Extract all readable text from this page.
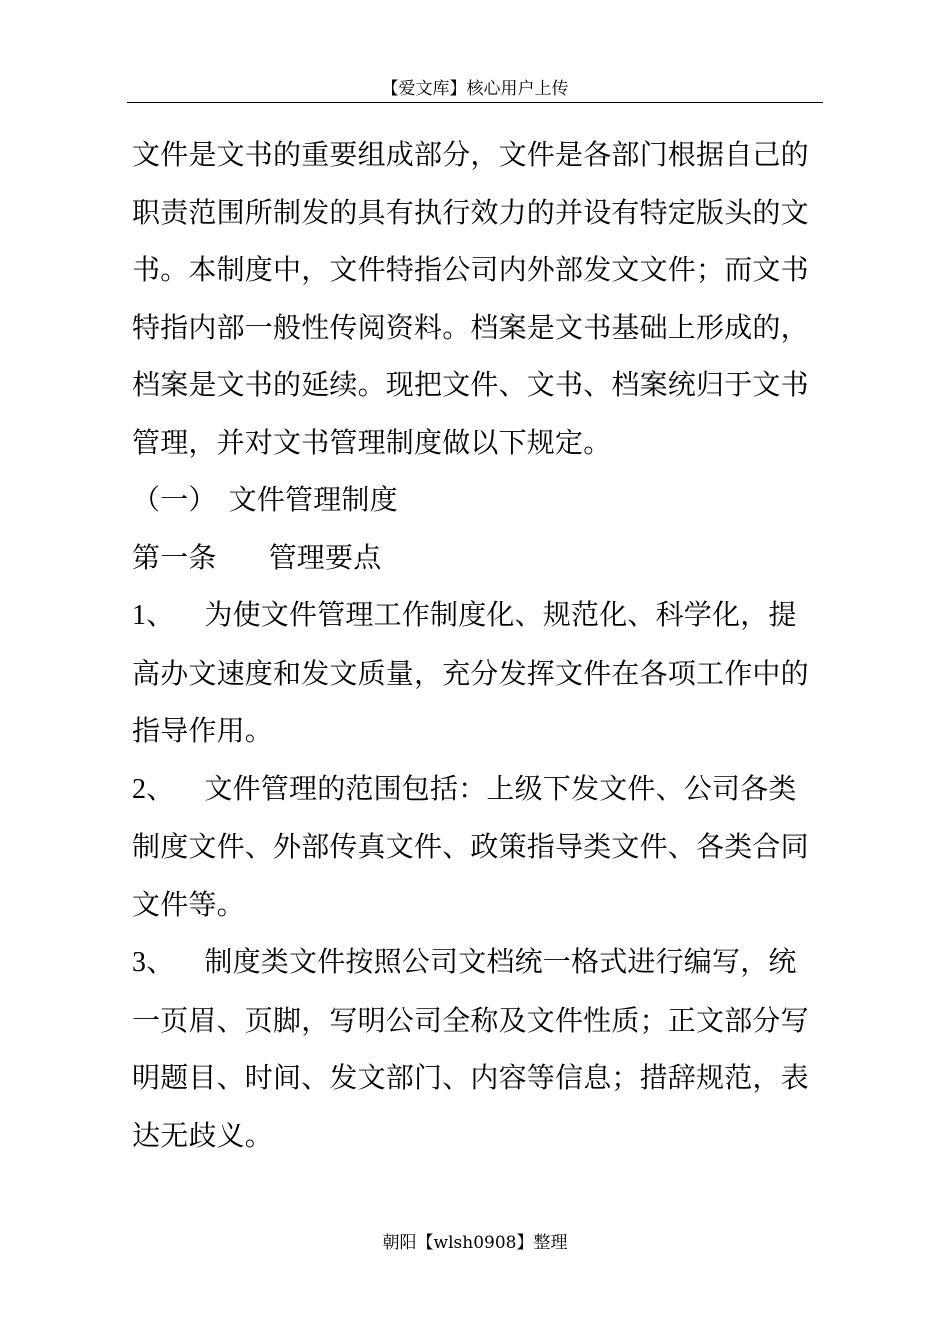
【爱文库】核心用户上传

文件是文书的重要组成部分，文件是各部门根据自己的职责范围所制发的具有执行效力的并设有特定版头的文书。本制度中，文件特指公司内外部发文文件；而文书特指内部一般性传阅资料。档案是文书基础上形成的，档案是文书的延续。现把文件、文书、档案统归于文书管理，并对文书管理制度做以下规定。

（一） 文件管理制度

第一条 管理要点

1、 为使文件管理工作制度化、规范化、科学化，提高办文速度和发文质量，充分发挥文件在各项工作中的指导作用。

2、 文件管理的范围包括：上级下发文件、公司各类制度文件、外部传真文件、政策指导类文件、各类合同文件等。

3、 制度类文件按照公司文档统一格式进行编写，统一页眉、页脚，写明公司全称及文件性质；正文部分写明题目、时间、发文部门、内容等信息；措辞规范，表达无歧义。

朝阳【wlsh0908】整理
